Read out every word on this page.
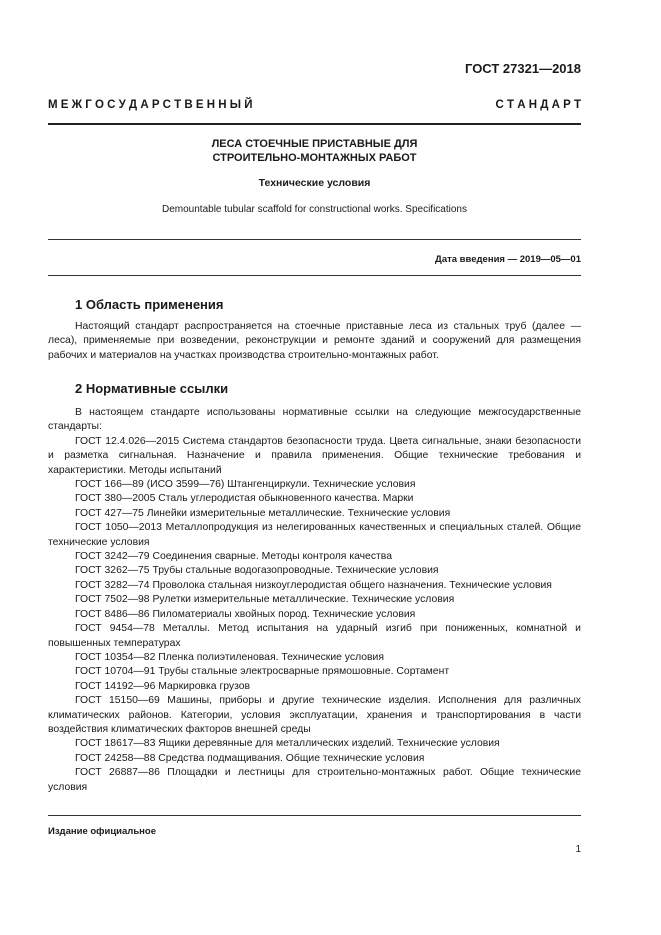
ГОСТ 27321—2018
М Е Ж Г О С У Д А Р С Т В Е Н Н Ы Й	С Т А Н Д А Р Т
ЛЕСА СТОЕЧНЫЕ ПРИСТАВНЫЕ ДЛЯ
СТРОИТЕЛЬНО-МОНТАЖНЫХ РАБОТ
Технические условия
Demountable tubular scaffold for constructional works. Specifications
Дата введения — 2019—05—01
1 Область применения

Настоящий стандарт распространяется на стоечные приставные леса из стальных труб (далее — леса), применяемые при возведении, реконструкции и ремонте зданий и сооружений для размещения рабочих и материалов на участках производства строительно-монтажных работ.

2 Нормативные ссылки

В настоящем стандарте использованы нормативные ссылки на следующие межгосударственные стандарты:

ГОСТ 12.4.026—2015 Система стандартов безопасности труда. Цвета сигнальные, знаки безопасности и разметка сигнальная. Назначение и правила применения. Общие технические требования и характеристики. Методы испытаний

ГОСТ 166—89 (ИСО 3599—76) Штангенциркули. Технические условия

ГОСТ 380—2005 Сталь углеродистая обыкновенного качества. Марки

ГОСТ 427—75 Линейки измерительные металлические. Технические условия

ГОСТ 1050—2013 Металлопродукция из нелегированных качественных и специальных сталей. Общие технические условия

ГОСТ 3242—79 Соединения сварные. Методы контроля качества

ГОСТ 3262—75 Трубы стальные водогазопроводные. Технические условия

ГОСТ 3282—74 Проволока стальная низкоуглеродистая общего назначения. Технические условия

ГОСТ 7502—98 Рулетки измерительные металлические. Технические условия

ГОСТ 8486—86 Пиломатериалы хвойных пород. Технические условия

ГОСТ 9454—78 Металлы. Метод испытания на ударный изгиб при пониженных, комнатной и повышенных температурах

ГОСТ 10354—82 Пленка полиэтиленовая. Технические условия

ГОСТ 10704—91 Трубы стальные электросварные прямошовные. Сортамент

ГОСТ 14192—96 Маркировка грузов

ГОСТ 15150—69 Машины, приборы и другие технические изделия. Исполнения для различных климатических районов. Категории, условия эксплуатации, хранения и транспортирования в части воздействия климатических факторов внешней среды

ГОСТ 18617—83 Ящики деревянные для металлических изделий. Технические условия

ГОСТ 24258—88 Средства подмащивания. Общие технические условия

ГОСТ 26887—86 Площадки и лестницы для строительно-монтажных работ. Общие технические условия

Издание официальное
1
